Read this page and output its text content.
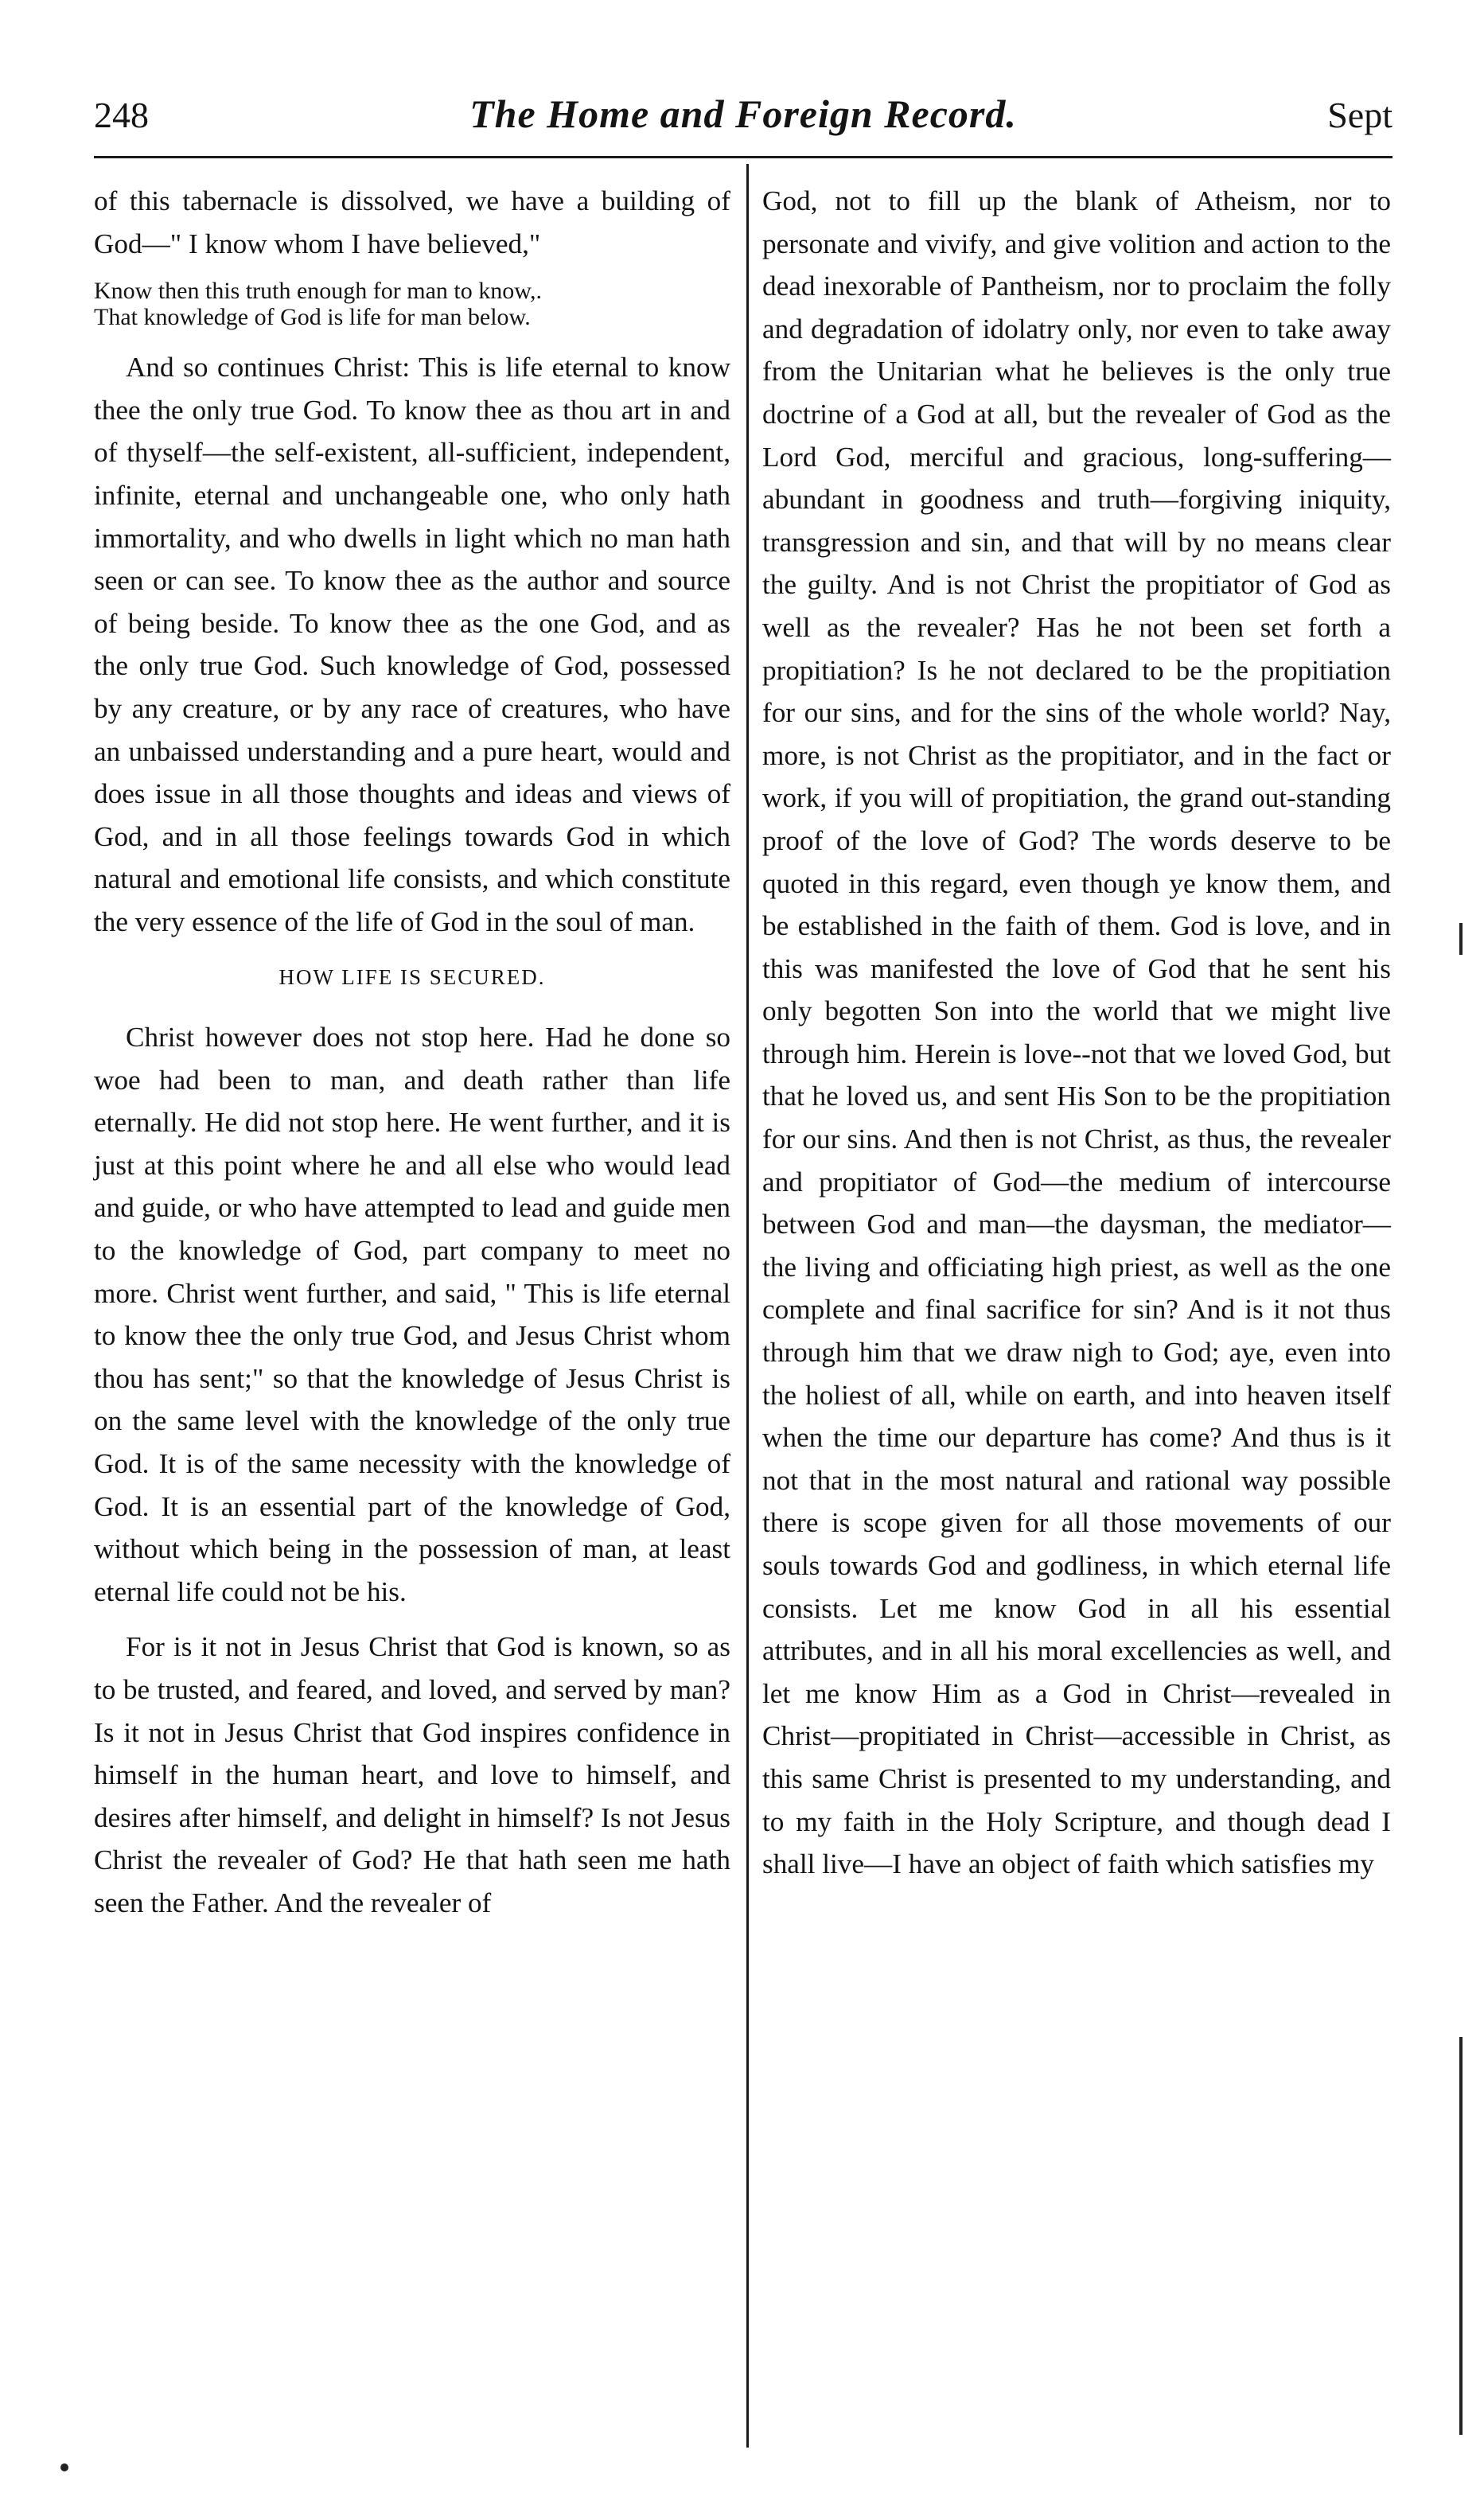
248	The Home and Foreign Record.	Sept

of this tabernacle is dissolved, we have a building of God—" I know whom I have believed,"

Know then this truth enough for man to know,.
That knowledge of God is life for man below.

And so continues Christ: This is life eternal to know thee the only true God. To know thee as thou art in and of thyself—the self-existent, all-sufficient, independent, infinite, eternal and unchangeable one, who only hath immortality, and who dwells in light which no man hath seen or can see. To know thee as the author and source of being beside. To know thee as the one God, and as the only true God. Such knowledge of God, possessed by any creature, or by any race of creatures, who have an unbaissed understanding and a pure heart, would and does issue in all those thoughts and ideas and views of God, and in all those feelings towards God in which natural and emotional life consists, and which constitute the very essence of the life of God in the soul of man.

HOW LIFE IS SECURED.

Christ however does not stop here. Had he done so woe had been to man, and death rather than life eternally. He did not stop here. He went further, and it is just at this point where he and all else who would lead and guide, or who have attempted to lead and guide men to the knowledge of God, part company to meet no more. Christ went further, and said, " This is life eternal to know thee the only true God, and Jesus Christ whom thou has sent;" so that the knowledge of Jesus Christ is on the same level with the knowledge of the only true God. It is of the same necessity with the knowledge of God. It is an essential part of the knowledge of God, without which being in the possession of man, at least eternal life could not be his.

For is it not in Jesus Christ that God is known, so as to be trusted, and feared, and loved, and served by man? Is it not in Jesus Christ that God inspires confidence in himself in the human heart, and love to himself, and desires after himself, and delight in himself? Is not Jesus Christ the revealer of God? He that hath seen me hath seen the Father. And the revealer of

God, not to fill up the blank of Atheism, nor to personate and vivify, and give volition and action to the dead inexorable of Pantheism, nor to proclaim the folly and degradation of idolatry only, nor even to take away from the Unitarian what he believes is the only true doctrine of a God at all, but the revealer of God as the Lord God, merciful and gracious, long-suffering—abundant in goodness and truth—forgiving iniquity, transgression and sin, and that will by no means clear the guilty. And is not Christ the propitiator of God as well as the revealer? Has he not been set forth a propitiation? Is he not declared to be the propitiation for our sins, and for the sins of the whole world? Nay, more, is not Christ as the propitiator, and in the fact or work, if you will of propitiation, the grand out-standing proof of the love of God? The words deserve to be quoted in this regard, even though ye know them, and be established in the faith of them. God is love, and in this was manifested the love of God that he sent his only begotten Son into the world that we might live through him. Herein is love--not that we loved God, but that he loved us, and sent His Son to be the propitiation for our sins. And then is not Christ, as thus, the revealer and propitiator of God—the medium of intercourse between God and man—the daysman, the mediator—the living and officiating high priest, as well as the one complete and final sacrifice for sin? And is it not thus through him that we draw nigh to God; aye, even into the holiest of all, while on earth, and into heaven itself when the time our departure has come? And thus is it not that in the most natural and rational way possible there is scope given for all those movements of our souls towards God and godliness, in which eternal life consists. Let me know God in all his essential attributes, and in all his moral excellencies as well, and let me know Him as a God in Christ—revealed in Christ—propitiated in Christ—accessible in Christ, as this same Christ is presented to my understanding, and to my faith in the Holy Scripture, and though dead I shall live—I have an object of faith which satisfies my
